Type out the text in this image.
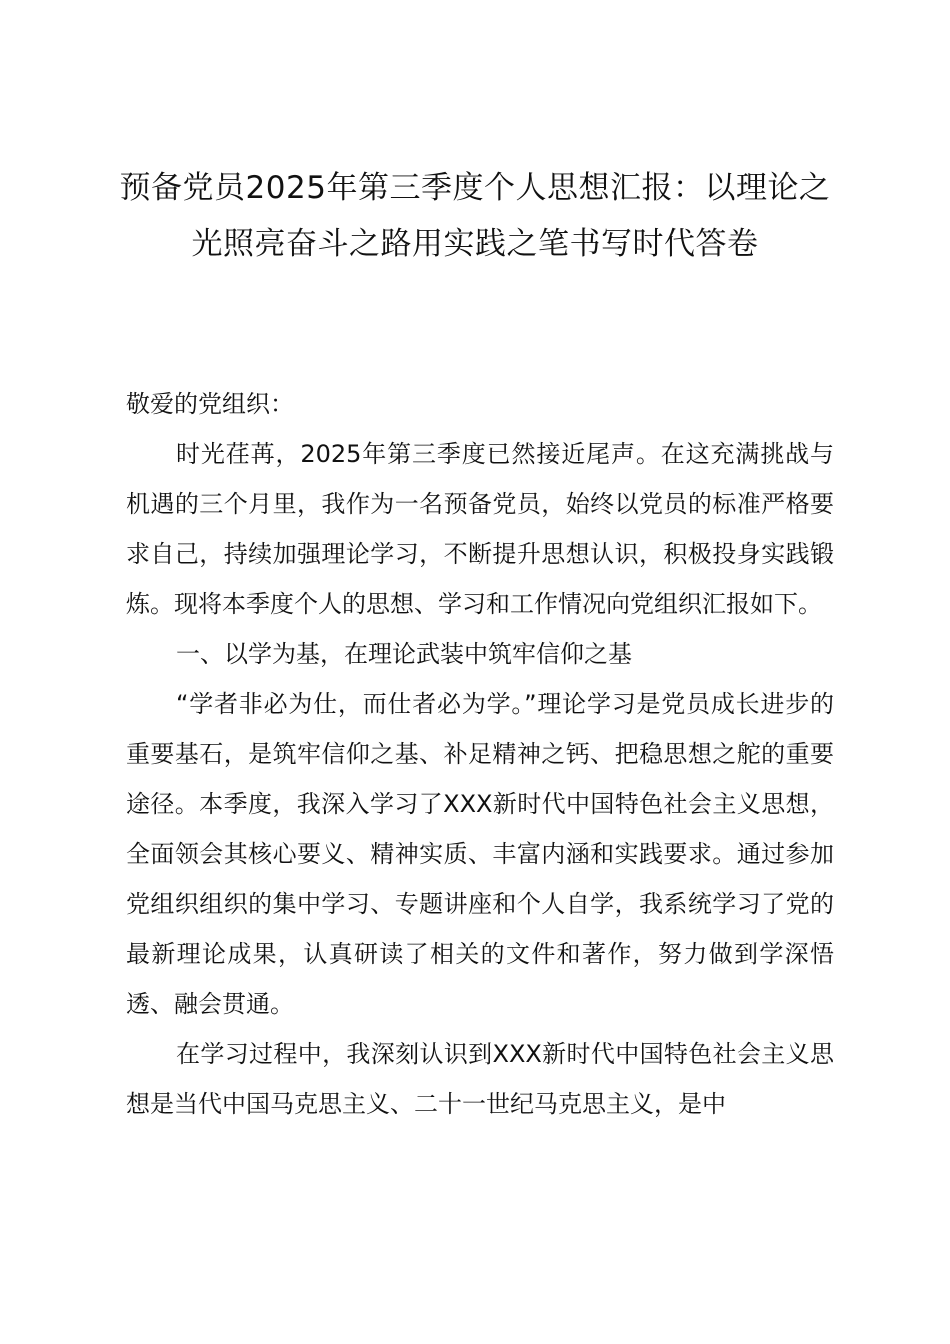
预备党员2025年第三季度个人思想汇报：以理论之光照亮奋斗之路用实践之笔书写时代答卷

敬爱的党组织：

时光荏苒，2025年第三季度已然接近尾声。在这充满挑战与机遇的三个月里，我作为一名预备党员，始终以党员的标准严格要求自己，持续加强理论学习，不断提升思想认识，积极投身实践锻炼。现将本季度个人的思想、学习和工作情况向党组织汇报如下。

一、以学为基，在理论武装中筑牢信仰之基

“学者非必为仕，而仕者必为学。”理论学习是党员成长进步的重要基石，是筑牢信仰之基、补足精神之钙、把稳思想之舵的重要途径。本季度，我深入学习了XXX新时代中国特色社会主义思想，全面领会其核心要义、精神实质、丰富内涵和实践要求。通过参加党组织组织的集中学习、专题讲座和个人自学，我系统学习了党的最新理论成果，认真研读了相关的文件和著作，努力做到学深悟透、融会贯通。

在学习过程中，我深刻认识到XXX新时代中国特色社会主义思想是当代中国马克思主义、二十一世纪马克思主义，是中
